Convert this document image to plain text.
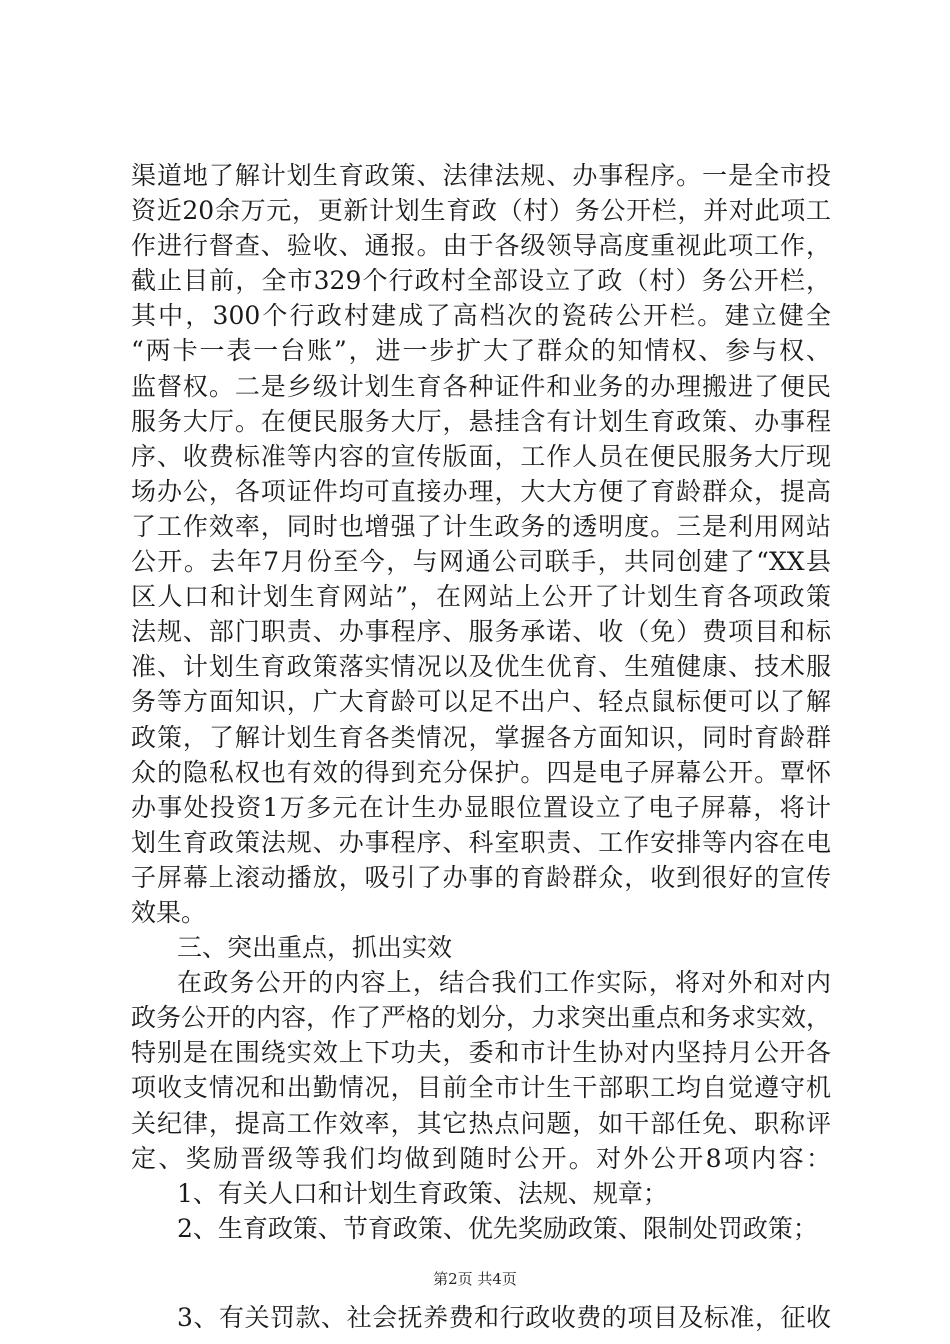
渠道地了解计划生育政策、法律法规、办事程序。一是全市投
资近20余万元，更新计划生育政（村）务公开栏，并对此项工
作进行督查、验收、通报。由于各级领导高度重视此项工作，
截止目前，全市329个行政村全部设立了政（村）务公开栏，
其中，300个行政村建成了高档次的瓷砖公开栏。建立健全
“两卡一表一台账”，进一步扩大了群众的知情权、参与权、
监督权。二是乡级计划生育各种证件和业务的办理搬进了便民
服务大厅。在便民服务大厅，悬挂含有计划生育政策、办事程
序、收费标准等内容的宣传版面，工作人员在便民服务大厅现
场办公，各项证件均可直接办理，大大方便了育龄群众，提高
了工作效率，同时也增强了计生政务的透明度。三是利用网站
公开。去年7月份至今，与网通公司联手，共同创建了“XX县
区人口和计划生育网站”，在网站上公开了计划生育各项政策
法规、部门职责、办事程序、服务承诺、收（免）费项目和标
准、计划生育政策落实情况以及优生优育、生殖健康、技术服
务等方面知识，广大育龄可以足不出户、轻点鼠标便可以了解
政策，了解计划生育各类情况，掌握各方面知识，同时育龄群
众的隐私权也有效的得到充分保护。四是电子屏幕公开。覃怀
办事处投资1万多元在计生办显眼位置设立了电子屏幕，将计
划生育政策法规、办事程序、科室职责、工作安排等内容在电
子屏幕上滚动播放，吸引了办事的育龄群众，收到很好的宣传
效果。
三、突出重点，抓出实效
在政务公开的内容上，结合我们工作实际，将对外和对内
政务公开的内容，作了严格的划分，力求突出重点和务求实效，
特别是在围绕实效上下功夫，委和市计生协对内坚持月公开各
项收支情况和出勤情况，目前全市计生干部职工均自觉遵守机
关纪律，提高工作效率，其它热点问题，如干部任免、职称评
定、奖励晋级等我们均做到随时公开。对外公开8项内容：
1、有关人口和计划生育政策、法规、规章；
2、生育政策、节育政策、优先奖励政策、限制处罚政策；
3、有关罚款、社会抚养费和行政收费的项目及标准，征收
第2页 共4页
